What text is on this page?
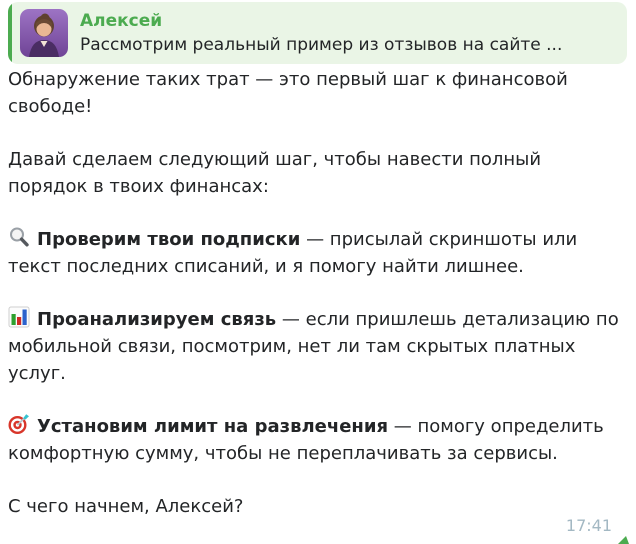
Алексей
Рассмотрим реальный пример из отзывов на сайте ...

Обнаружение таких трат — это первый шаг к финансовой свободе!

Давай сделаем следующий шаг, чтобы навести полный порядок в твоих финансах:

Проверим твои подписки — присылай скриншоты или текст последних списаний, и я помогу найти лишнее.

Проанализируем связь — если пришлешь детализацию по мобильной связи, посмотрим, нет ли там скрытых платных услуг.

Установим лимит на развлечения — помогу определить комфортную сумму, чтобы не переплачивать за сервисы.

С чего начнем, Алексей?

17:41
